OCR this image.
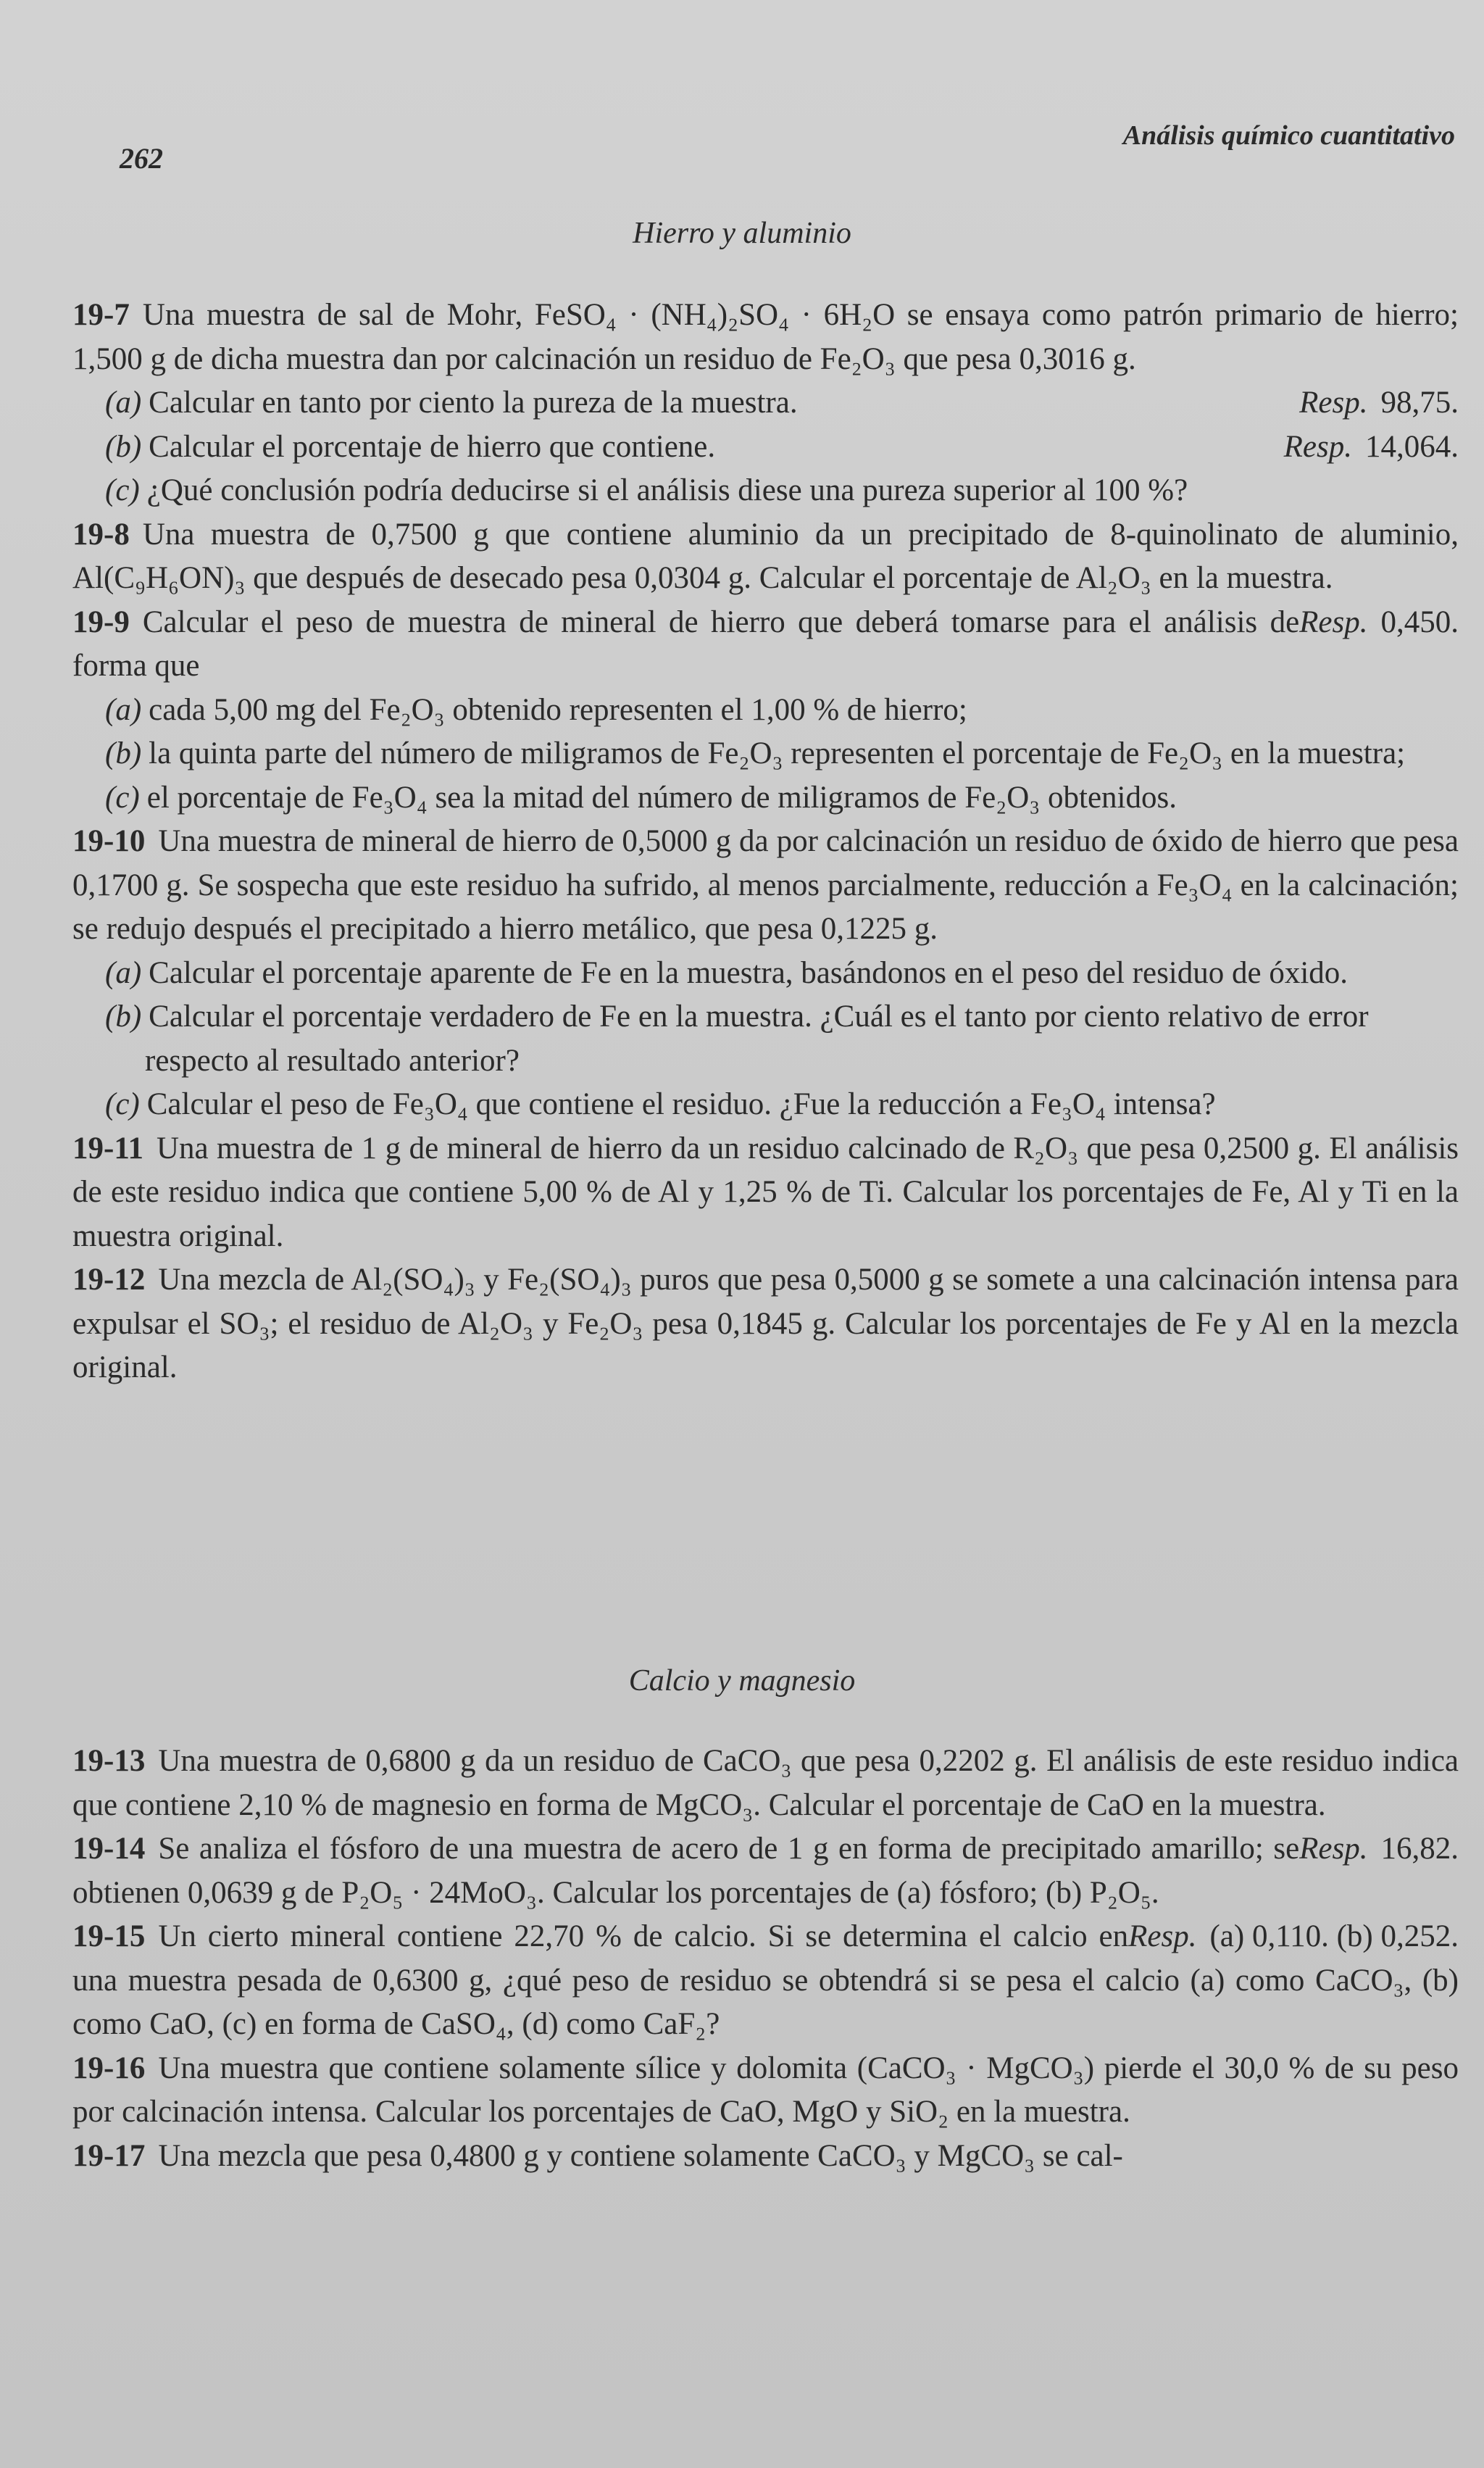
262
Análisis químico cuantitativo
Hierro y aluminio

19-7 Una muestra de sal de Mohr, FeSO₄ · (NH₄)₂SO₄ · 6H₂O se ensaya como patrón primario de hierro; 1,500 g de dicha muestra dan por calcinación un residuo de Fe₂O₃ que pesa 0,3016 g.

(a) Calcular en tanto por ciento la pureza de la muestra.	Resp. 98,75.

(b) Calcular el porcentaje de hierro que contiene.	Resp. 14,064.

(c) ¿Qué conclusión podría deducirse si el análisis diese una pureza superior al 100 %?

19-8 Una muestra de 0,7500 g que contiene aluminio da un precipitado de 8-quinolinato de aluminio, Al(C₉H₆ON)₃ que después de desecado pesa 0,0304 g. Calcular el porcentaje de Al₂O₃ en la muestra.
Resp. 0,450.

19-9 Calcular el peso de muestra de mineral de hierro que deberá tomarse para el análisis de forma que

(a) cada 5,00 mg del Fe₂O₃ obtenido representen el 1,00 % de hierro;

(b) la quinta parte del número de miligramos de Fe₂O₃ representen el porcentaje de Fe₂O₃ en la muestra;

(c) el porcentaje de Fe₃O₄ sea la mitad del número de miligramos de Fe₂O₃ obtenidos.

19-10 Una muestra de mineral de hierro de 0,5000 g da por calcinación un residuo de óxido de hierro que pesa 0,1700 g. Se sospecha que este residuo ha sufrido, al menos parcialmente, reducción a Fe₃O₄ en la calcinación; se redujo después el precipitado a hierro metálico, que pesa 0,1225 g.

(a) Calcular el porcentaje aparente de Fe en la muestra, basándonos en el peso del residuo de óxido.

(b) Calcular el porcentaje verdadero de Fe en la muestra. ¿Cuál es el tanto por ciento relativo de error respecto al resultado anterior?

(c) Calcular el peso de Fe₃O₄ que contiene el residuo. ¿Fue la reducción a Fe₃O₄ intensa?

19-11 Una muestra de 1 g de mineral de hierro da un residuo calcinado de R₂O₃ que pesa 0,2500 g. El análisis de este residuo indica que contiene 5,00 % de Al y 1,25 % de Ti. Calcular los porcentajes de Fe, Al y Ti en la muestra original.

19-12 Una mezcla de Al₂(SO₄)₃ y Fe₂(SO₄)₃ puros que pesa 0,5000 g se somete a una calcinación intensa para expulsar el SO₃; el residuo de Al₂O₃ y Fe₂O₃ pesa 0,1845 g. Calcular los porcentajes de Fe y Al en la mezcla original.

Calcio y magnesio

19-13 Una muestra de 0,6800 g da un residuo de CaCO₃ que pesa 0,2202 g. El análisis de este residuo indica que contiene 2,10 % de magnesio en forma de MgCO₃. Calcular el porcentaje de CaO en la muestra.
Resp. 16,82.

19-14 Se analiza el fósforo de una muestra de acero de 1 g en forma de precipitado amarillo; se obtienen 0,0639 g de P₂O₅ · 24MoO₃. Calcular los porcentajes de (a) fósforo; (b) P₂O₅.
Resp. (a) 0,110. (b) 0,252.

19-15 Un cierto mineral contiene 22,70 % de calcio. Si se determina el calcio en una muestra pesada de 0,6300 g, ¿qué peso de residuo se obtendrá si se pesa el calcio (a) como CaCO₃, (b) como CaO, (c) en forma de CaSO₄, (d) como CaF₂?

19-16 Una muestra que contiene solamente sílice y dolomita (CaCO₃ · MgCO₃) pierde el 30,0 % de su peso por calcinación intensa. Calcular los porcentajes de CaO, MgO y SiO₂ en la muestra.

19-17 Una mezcla que pesa 0,4800 g y contiene solamente CaCO₃ y MgCO₃ se cal-
